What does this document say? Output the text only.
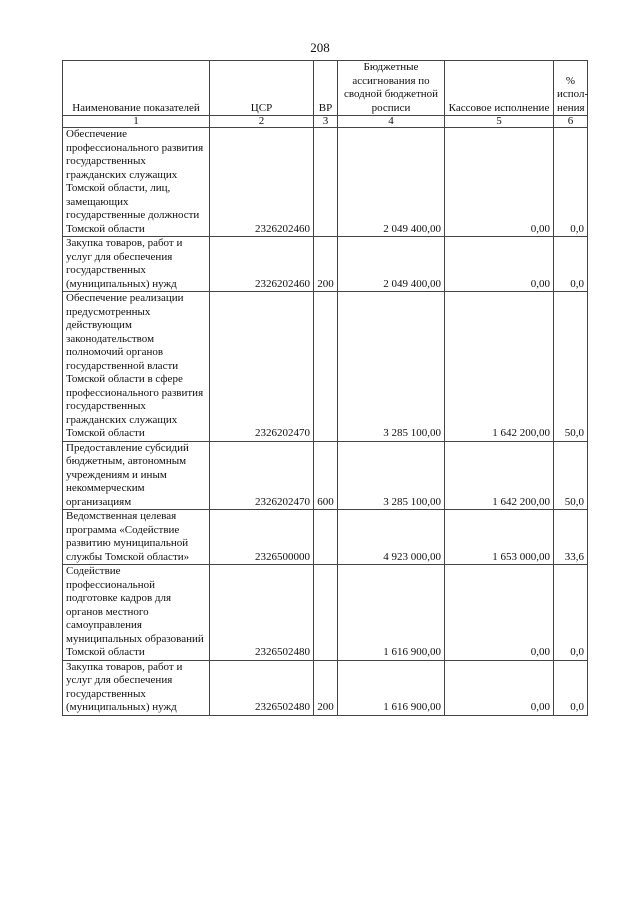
208
Наименование показателей	ЦСР	ВР	Бюджетные ассигнования по сводной бюджетной росписи	Кассовое исполнение	% испол- нения
1	2	3	4	5	6
Обеспечение профессионального развития государственных гражданских служащих Томской области, лиц, замещающих государственные должности Томской области	2326202460		2 049 400,00	0,00	0,0
Закупка товаров, работ и услуг для обеспечения государственных (муниципальных) нужд	2326202460	200	2 049 400,00	0,00	0,0
Обеспечение реализации предусмотренных действующим законодательством полномочий органов государственной власти Томской области в сфере профессионального развития государственных гражданских служащих Томской области	2326202470		3 285 100,00	1 642 200,00	50,0
Предоставление субсидий бюджетным, автономным учреждениям и иным некоммерческим организациям	2326202470	600	3 285 100,00	1 642 200,00	50,0
Ведомственная целевая программа «Содействие развитию муниципальной службы Томской области»	2326500000		4 923 000,00	1 653 000,00	33,6
Содействие профессиональной подготовке кадров для органов местного самоуправления муниципальных образований Томской области	2326502480		1 616 900,00	0,00	0,0
Закупка товаров, работ и услуг для обеспечения государственных (муниципальных) нужд	2326502480	200	1 616 900,00	0,00	0,0
